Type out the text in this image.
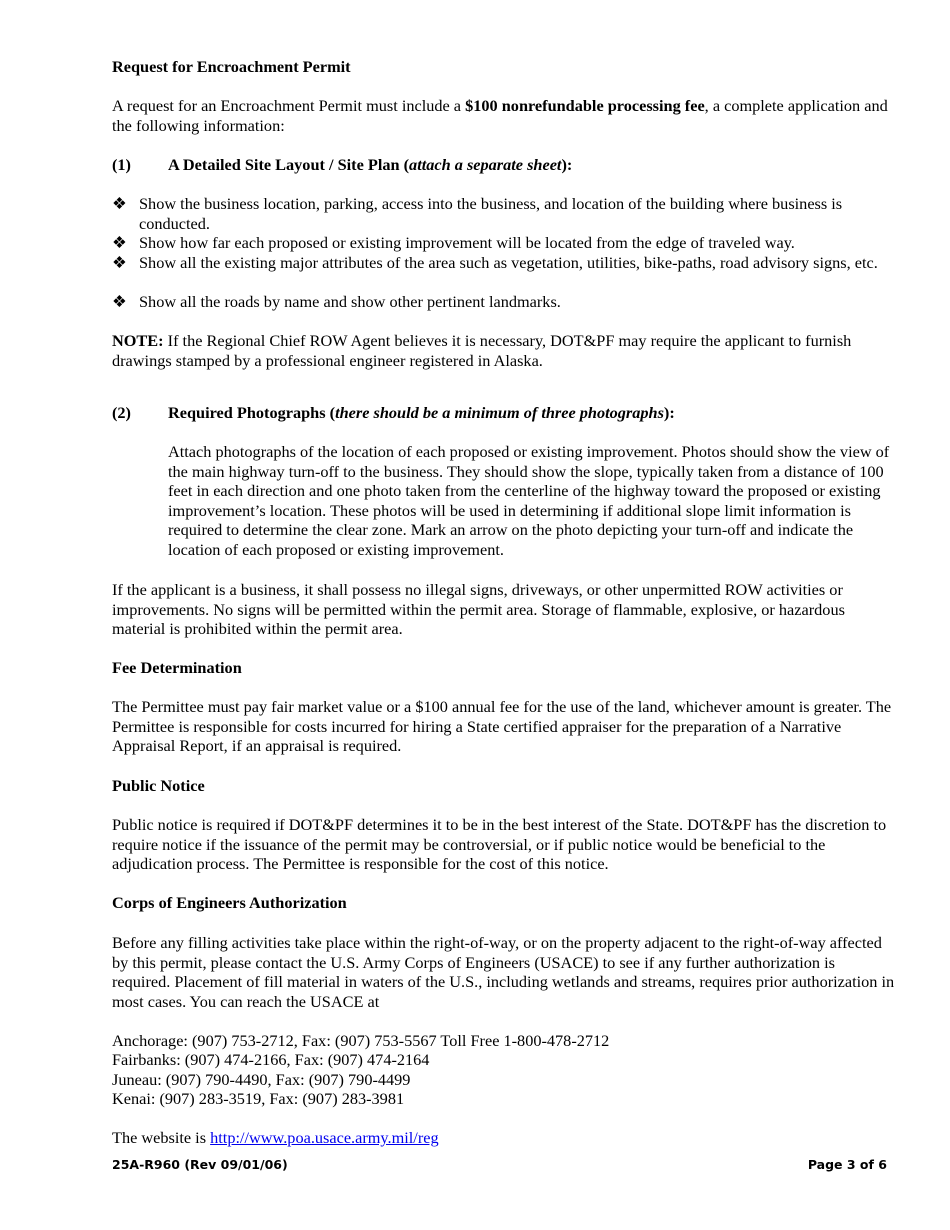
Request for Encroachment Permit

A request for an Encroachment Permit must include a $100 nonrefundable processing fee, a complete application and the following information:

(1) A Detailed Site Layout / Site Plan (attach a separate sheet):

❖ Show the business location, parking, access into the business, and location of the building where business is conducted.
❖ Show how far each proposed or existing improvement will be located from the edge of traveled way.
❖ Show all the existing major attributes of the area such as vegetation, utilities, bike-paths, road advisory signs, etc.
❖ Show all the roads by name and show other pertinent landmarks.

NOTE: If the Regional Chief ROW Agent believes it is necessary, DOT&PF may require the applicant to furnish drawings stamped by a professional engineer registered in Alaska.

(2) Required Photographs (there should be a minimum of three photographs):

Attach photographs of the location of each proposed or existing improvement. Photos should show the view of the main highway turn-off to the business. They should show the slope, typically taken from a distance of 100 feet in each direction and one photo taken from the centerline of the highway toward the proposed or existing improvement’s location. These photos will be used in determining if additional slope limit information is required to determine the clear zone. Mark an arrow on the photo depicting your turn-off and indicate the location of each proposed or existing improvement.

If the applicant is a business, it shall possess no illegal signs, driveways, or other unpermitted ROW activities or improvements. No signs will be permitted within the permit area. Storage of flammable, explosive, or hazardous material is prohibited within the permit area.

Fee Determination

The Permittee must pay fair market value or a $100 annual fee for the use of the land, whichever amount is greater. The Permittee is responsible for costs incurred for hiring a State certified appraiser for the preparation of a Narrative Appraisal Report, if an appraisal is required.

Public Notice

Public notice is required if DOT&PF determines it to be in the best interest of the State. DOT&PF has the discretion to require notice if the issuance of the permit may be controversial, or if public notice would be beneficial to the adjudication process. The Permittee is responsible for the cost of this notice.

Corps of Engineers Authorization

Before any filling activities take place within the right-of-way, or on the property adjacent to the right-of-way affected by this permit, please contact the U.S. Army Corps of Engineers (USACE) to see if any further authorization is required. Placement of fill material in waters of the U.S., including wetlands and streams, requires prior authorization in most cases. You can reach the USACE at

Anchorage: (907) 753-2712, Fax: (907) 753-5567 Toll Free 1-800-478-2712

Fairbanks: (907) 474-2166, Fax: (907) 474-2164

Juneau: (907) 790-4490, Fax: (907) 790-4499

Kenai: (907) 283-3519, Fax: (907) 283-3981

The website is http://www.poa.usace.army.mil/reg

25A-R960 (Rev 09/01/06)	Page 3 of 6
